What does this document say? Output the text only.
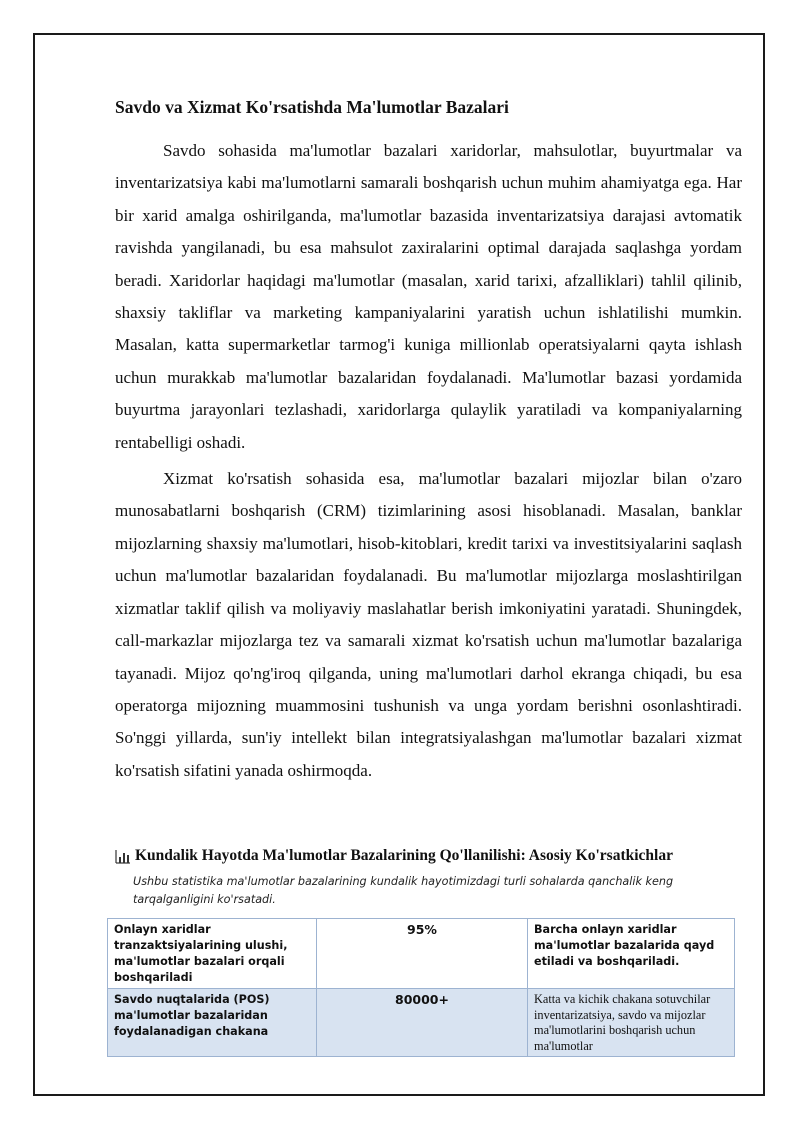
Savdo va Xizmat Ko'rsatishda Ma'lumotlar Bazalari

Savdo sohasida ma'lumotlar bazalari xaridorlar, mahsulotlar, buyurtmalar va inventarizatsiya kabi ma'lumotlarni samarali boshqarish uchun muhim ahamiyatga ega. Har bir xarid amalga oshirilganda, ma'lumotlar bazasida inventarizatsiya darajasi avtomatik ravishda yangilanadi, bu esa mahsulot zaxiralarini optimal darajada saqlashga yordam beradi. Xaridorlar haqidagi ma'lumotlar (masalan, xarid tarixi, afzalliklari) tahlil qilinib, shaxsiy takliflar va marketing kampaniyalarini yaratish uchun ishlatilishi mumkin. Masalan, katta supermarketlar tarmog'i kuniga millionlab operatsiyalarni qayta ishlash uchun murakkab ma'lumotlar bazalaridan foydalanadi. Ma'lumotlar bazasi yordamida buyurtma jarayonlari tezlashadi, xaridorlarga qulaylik yaratiladi va kompaniyalarning rentabelligi oshadi.

Xizmat ko'rsatish sohasida esa, ma'lumotlar bazalari mijozlar bilan o'zaro munosabatlarni boshqarish (CRM) tizimlarining asosi hisoblanadi. Masalan, banklar mijozlarning shaxsiy ma'lumotlari, hisob-kitoblari, kredit tarixi va investitsiyalarini saqlash uchun ma'lumotlar bazalaridan foydalanadi. Bu ma'lumotlar mijozlarga moslashtirilgan xizmatlar taklif qilish va moliyaviy maslahatlar berish imkoniyatini yaratadi. Shuningdek, call-markazlar mijozlarga tez va samarali xizmat ko'rsatish uchun ma'lumotlar bazalariga tayanadi. Mijoz qo'ng'iroq qilganda, uning ma'lumotlari darhol ekranga chiqadi, bu esa operatorga mijozning muammosini tushunish va unga yordam berishni osonlashtiradi. So'nggi yillarda, sun'iy intellekt bilan integratsiyalashgan ma'lumotlar bazalari xizmat ko'rsatish sifatini yanada oshirmoqda.

Kundalik Hayotda Ma'lumotlar Bazalarining Qo'llanilishi: Asosiy Ko'rsatkichlar
Ushbu statistika ma'lumotlar bazalarining kundalik hayotimizdagi turli sohalarda qanchalik keng tarqalganligini ko'rsatadi.
Onlayn xaridlar tranzaktsiyalarining ulushi, ma'lumotlar bazalari orqali boshqariladi	95%	Barcha onlayn xaridlar ma'lumotlar bazalarida qayd etiladi va boshqariladi.

Savdo nuqtalarida (POS) ma'lumotlar bazalaridan foydalanadigan chakana	80000+	Katta va kichik chakana sotuvchilar inventarizatsiya, savdo va mijozlar ma'lumotlarini boshqarish uchun ma'lumotlar
